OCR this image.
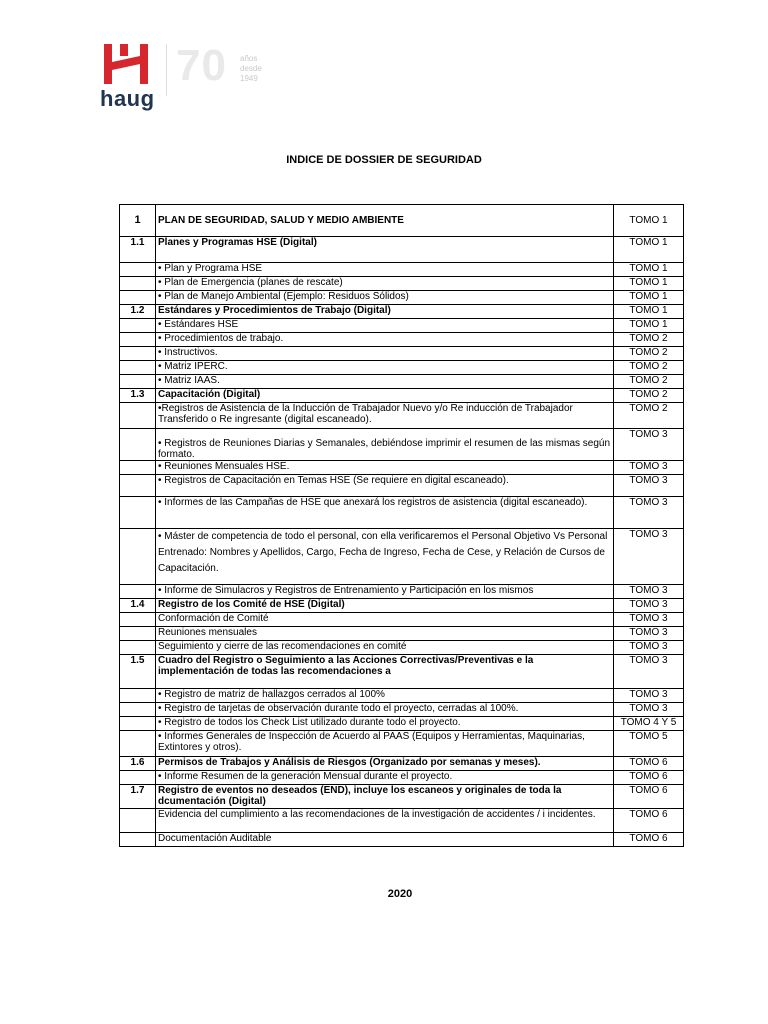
haug
70 años
desde
1949
INDICE DE DOSSIER DE SEGURIDAD
1	PLAN DE SEGURIDAD, SALUD Y MEDIO AMBIENTE	TOMO 1
1.1	Planes y Programas HSE (Digital)	TOMO 1
	• Plan y Programa HSE	TOMO 1
	• Plan de Emergencia (planes de rescate)	TOMO 1
	• Plan de Manejo Ambiental (Ejemplo: Residuos Sólidos)	TOMO 1
1.2	Estándares y Procedimientos de Trabajo (Digital)	TOMO 1
	• Estándares HSE	TOMO 1
	• Procedimientos de trabajo.	TOMO 2
	• Instructivos.	TOMO 2
	• Matriz IPERC.	TOMO 2
	• Matriz IAAS.	TOMO 2
1.3	Capacitación (Digital)	TOMO 2
	•Registros de Asistencia de la Inducción de Trabajador Nuevo y/o Re inducción de Trabajador Transferido o Re ingresante (digital escaneado).	TOMO 2
	• Registros de Reuniones Diarias y Semanales, debiéndose imprimir el resumen de las mismas según formato.	TOMO 3
	• Reuniones Mensuales HSE.	TOMO 3
	• Registros de Capacitación en Temas HSE (Se requiere en digital escaneado).	TOMO 3
	• Informes de las Campañas de HSE que anexará los registros de asistencia (digital escaneado).	TOMO 3
	• Máster de competencia de todo el personal, con ella verificaremos el Personal Objetivo Vs Personal Entrenado: Nombres y Apellidos, Cargo, Fecha de Ingreso, Fecha de Cese, y Relación de Cursos de Capacitación.	TOMO 3
	• Informe de Simulacros y Registros de Entrenamiento y Participación en los mismos	TOMO 3
1.4	Registro de los Comité de HSE (Digital)	TOMO 3
	Conformación de Comité	TOMO 3
	Reuniones mensuales	TOMO 3
	Seguimiento y cierre de las recomendaciones en comité	TOMO 3
1.5	Cuadro del Registro o Seguimiento a las Acciones Correctivas/Preventivas e la implementación de todas las recomendaciones a	TOMO 3
	• Registro de matriz de hallazgos cerrados al 100%	TOMO 3
	• Registro de tarjetas de observación durante todo el proyecto, cerradas al 100%.	TOMO 3
	• Registro de todos los Check List utilizado durante todo el proyecto.	TOMO 4 Y 5
	• Informes Generales de Inspección de Acuerdo al PAAS (Equipos y Herramientas, Maquinarias, Extintores y otros).	TOMO 5
1.6	Permisos de Trabajos y Análisis de Riesgos (Organizado por semanas y meses).	TOMO 6
	• Informe Resumen de la generación Mensual durante el proyecto.	TOMO 6
1.7	Registro de eventos no deseados (END), incluye los escaneos y originales de toda la dcumentación (Digital)	TOMO 6
	Evidencia del cumplimiento a las recomendaciones de la investigación de accidentes / i incidentes.	TOMO 6
	Documentación Auditable	TOMO 6
2020
